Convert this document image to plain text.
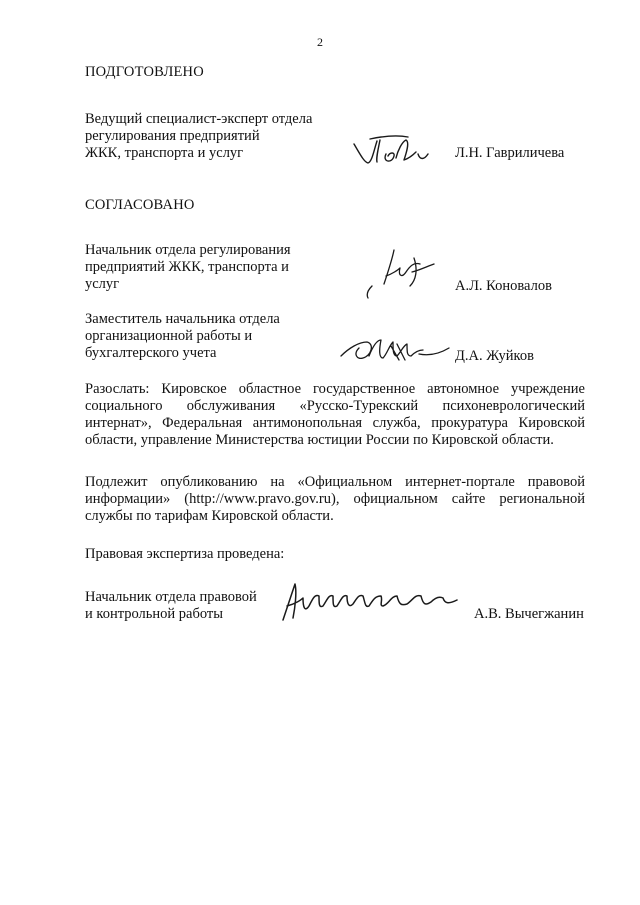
2
ПОДГОТОВЛЕНО
Ведущий специалист-эксперт отдела
регулирования предприятий
ЖКК, транспорта и услуг	Л.Н. Гавриличева
СОГЛАСОВАНО
Начальник отдела регулирования
предприятий ЖКК, транспорта и
услуг	А.Л. Коновалов
Заместитель начальника отдела
организационной работы и
бухгалтерского учета	Д.А. Жуйков

Разослать: Кировское областное государственное автономное учреждение социального обслуживания «Русско-Турекский психоневрологический интернат», Федеральная антимонопольная служба, прокуратура Кировской области, управление Министерства юстиции России по Кировской области.

Подлежит опубликованию на «Официальном интернет-портале правовой информации» (http://www.pravo.gov.ru), официальном сайте региональной службы по тарифам Кировской области.

Правовая экспертиза проведена:
Начальник отдела правовой
и контрольной работы	А.В. Вычегжанин
